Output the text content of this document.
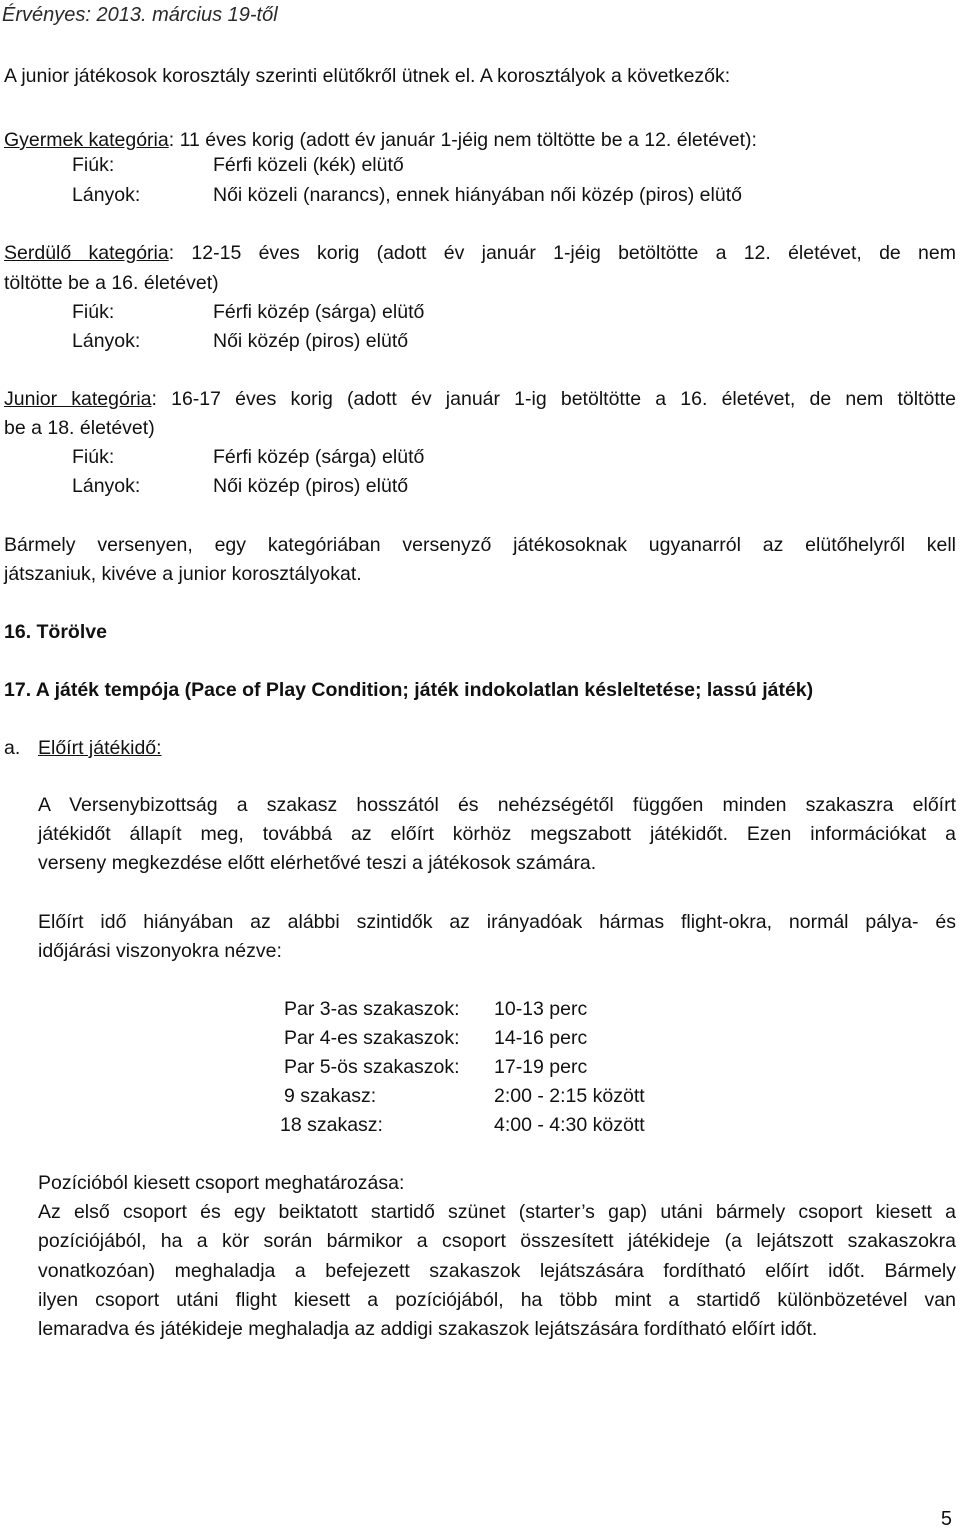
Érvényes: 2013. március 19-től
A junior játékosok korosztály szerinti elütőkről ütnek el. A korosztályok a következők:
Gyermek kategória: 11 éves korig (adott év január 1-jéig nem töltötte be a 12. életévet):
Fiúk:	Férfi közeli (kék) elütő
Lányok:	Női közeli (narancs), ennek hiányában női közép (piros) elütő
Serdülő kategória: 12-15 éves korig (adott év január 1-jéig betöltötte a 12. életévet, de nem
töltötte be a 16. életévet)
Fiúk:	Férfi közép (sárga) elütő
Lányok:	Női közép (piros) elütő
Junior kategória: 16-17 éves korig (adott év január 1-ig betöltötte a 16. életévet, de nem töltötte
be a 18. életévet)
Fiúk:	Férfi közép (sárga) elütő
Lányok:	Női közép (piros) elütő
Bármely versenyen, egy kategóriában versenyző játékosoknak ugyanarról az elütőhelyről kell
játszaniuk, kivéve a junior korosztályokat.
16. Törölve
17. A játék tempója (Pace of Play Condition; játék indokolatlan késleltetése; lassú játék)
a. Előírt játékidő:
A Versenybizottság a szakasz hosszától és nehézségétől függően minden szakaszra előírt
játékidőt állapít meg, továbbá az előírt körhöz megszabott játékidőt. Ezen információkat a
verseny megkezdése előtt elérhetővé teszi a játékosok számára.
Előírt idő hiányában az alábbi szintidők az irányadóak hármas flight-okra, normál pálya- és
időjárási viszonyokra nézve:
Par 3-as szakaszok: 10-13 perc
Par 4-es szakaszok: 14-16 perc
Par 5-ös szakaszok: 17-19 perc
9 szakasz:	2:00 - 2:15 között
18 szakasz:	4:00 - 4:30 között
Pozícióból kiesett csoport meghatározása:
Az első csoport és egy beiktatott startidő szünet (starter’s gap) utáni bármely csoport kiesett a
pozíciójából, ha a kör során bármikor a csoport összesített játékideje (a lejátszott szakaszokra
vonatkozóan) meghaladja a befejezett szakaszok lejátszására fordítható előírt időt. Bármely
ilyen csoport utáni flight kiesett a pozíciójából, ha több mint a startidő különbözetével van
lemaradva és játékideje meghaladja az addigi szakaszok lejátszására fordítható előírt időt.
5
